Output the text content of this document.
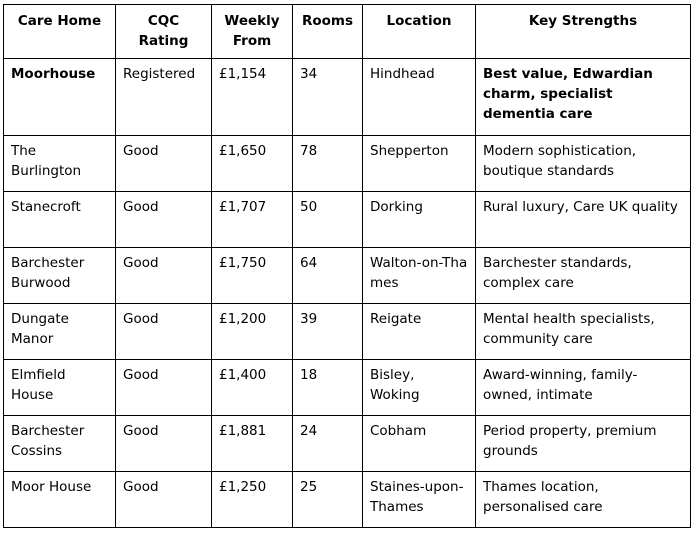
Care Home	CQC Rating	Weekly From	Rooms	Location	Key Strengths
Moorhouse	Registered	£1,154	34	Hindhead	Best value, Edwardian charm, specialist dementia care
The Burlington	Good	£1,650	78	Shepperton	Modern sophistication, boutique standards
Stanecroft	Good	£1,707	50	Dorking	Rural luxury, Care UK quality
Barchester Burwood	Good	£1,750	64	Walton-on-Thames	Barchester standards, complex care
Dungate Manor	Good	£1,200	39	Reigate	Mental health specialists, community care
Elmfield House	Good	£1,400	18	Bisley, Woking	Award-winning, family-owned, intimate
Barchester Cossins	Good	£1,881	24	Cobham	Period property, premium grounds
Moor House	Good	£1,250	25	Staines-upon-Thames	Thames location, personalised care
